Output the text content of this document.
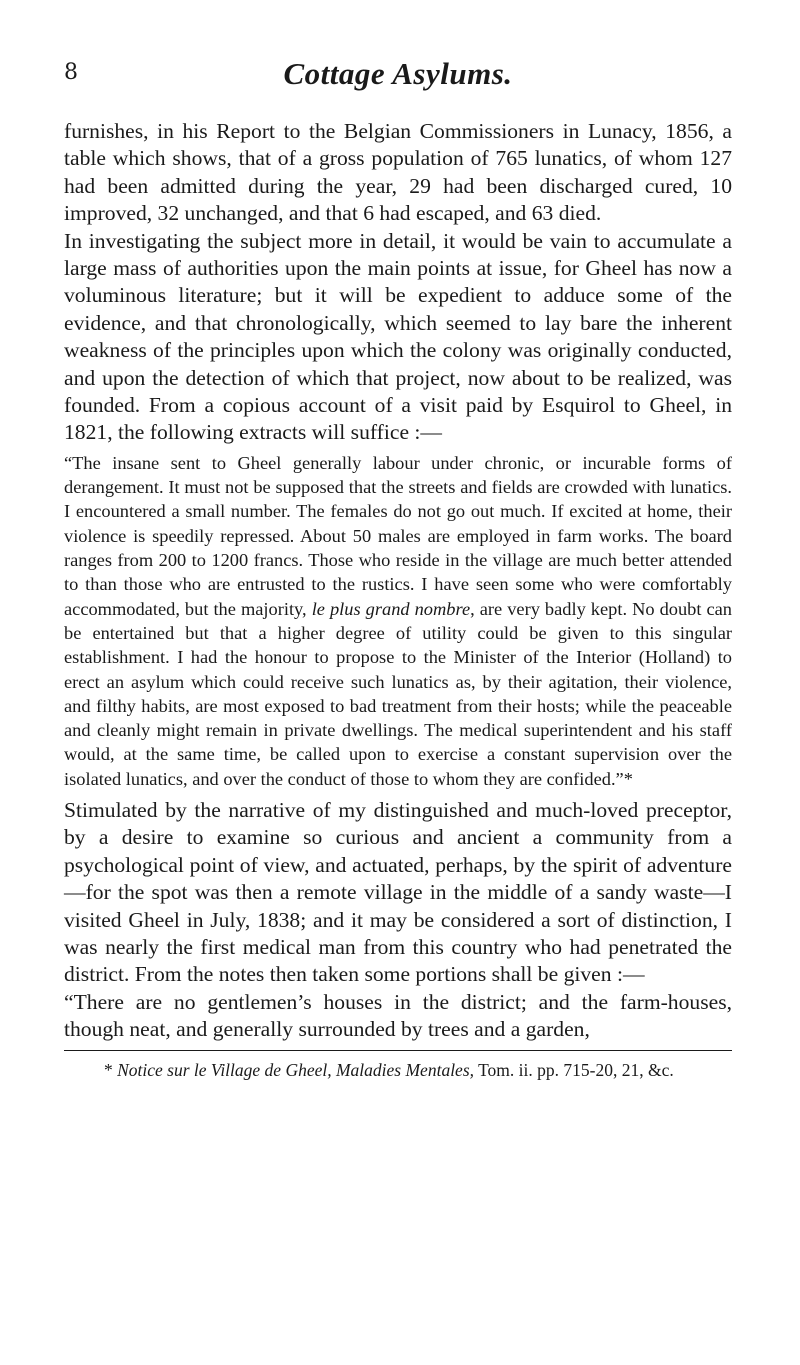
8	Cottage Asylums.

furnishes, in his Report to the Belgian Commissioners in Lunacy, 1856, a table which shows, that of a gross population of 765 lunatics, of whom 127 had been admitted during the year, 29 had been discharged cured, 10 improved, 32 unchanged, and that 6 had escaped, and 63 died.

In investigating the subject more in detail, it would be vain to accumulate a large mass of authorities upon the main points at issue, for Gheel has now a voluminous literature; but it will be expedient to adduce some of the evidence, and that chronologically, which seemed to lay bare the inherent weakness of the principles upon which the colony was originally conducted, and upon the detection of which that project, now about to be realized, was founded. From a copious account of a visit paid by Esquirol to Gheel, in 1821, the following extracts will suffice :—

“The insane sent to Gheel generally labour under chronic, or incurable forms of derangement. It must not be supposed that the streets and fields are crowded with lunatics. I encountered a small number. The females do not go out much. If excited at home, their violence is speedily repressed. About 50 males are employed in farm works. The board ranges from 200 to 1200 francs. Those who reside in the village are much better attended to than those who are entrusted to the rustics. I have seen some who were comfortably accommodated, but the majority, le plus grand nombre, are very badly kept. No doubt can be entertained but that a higher degree of utility could be given to this singular establishment. I had the honour to propose to the Minister of the Interior (Holland) to erect an asylum which could receive such lunatics as, by their agitation, their violence, and filthy habits, are most exposed to bad treatment from their hosts; while the peaceable and cleanly might remain in private dwellings. The medical superintendent and his staff would, at the same time, be called upon to exercise a constant supervision over the isolated lunatics, and over the conduct of those to whom they are confided.”*

Stimulated by the narrative of my distinguished and much-loved preceptor, by a desire to examine so curious and ancient a community from a psychological point of view, and actuated, perhaps, by the spirit of adventure—for the spot was then a remote village in the middle of a sandy waste—I visited Gheel in July, 1838; and it may be considered a sort of distinction, I was nearly the first medical man from this country who had penetrated the district. From the notes then taken some portions shall be given :—

“There are no gentlemen’s houses in the district; and the farm-houses, though neat, and generally surrounded by trees and a garden,

* Notice sur le Village de Gheel, Maladies Mentales, Tom. ii. pp. 715-20, 21, &c.
